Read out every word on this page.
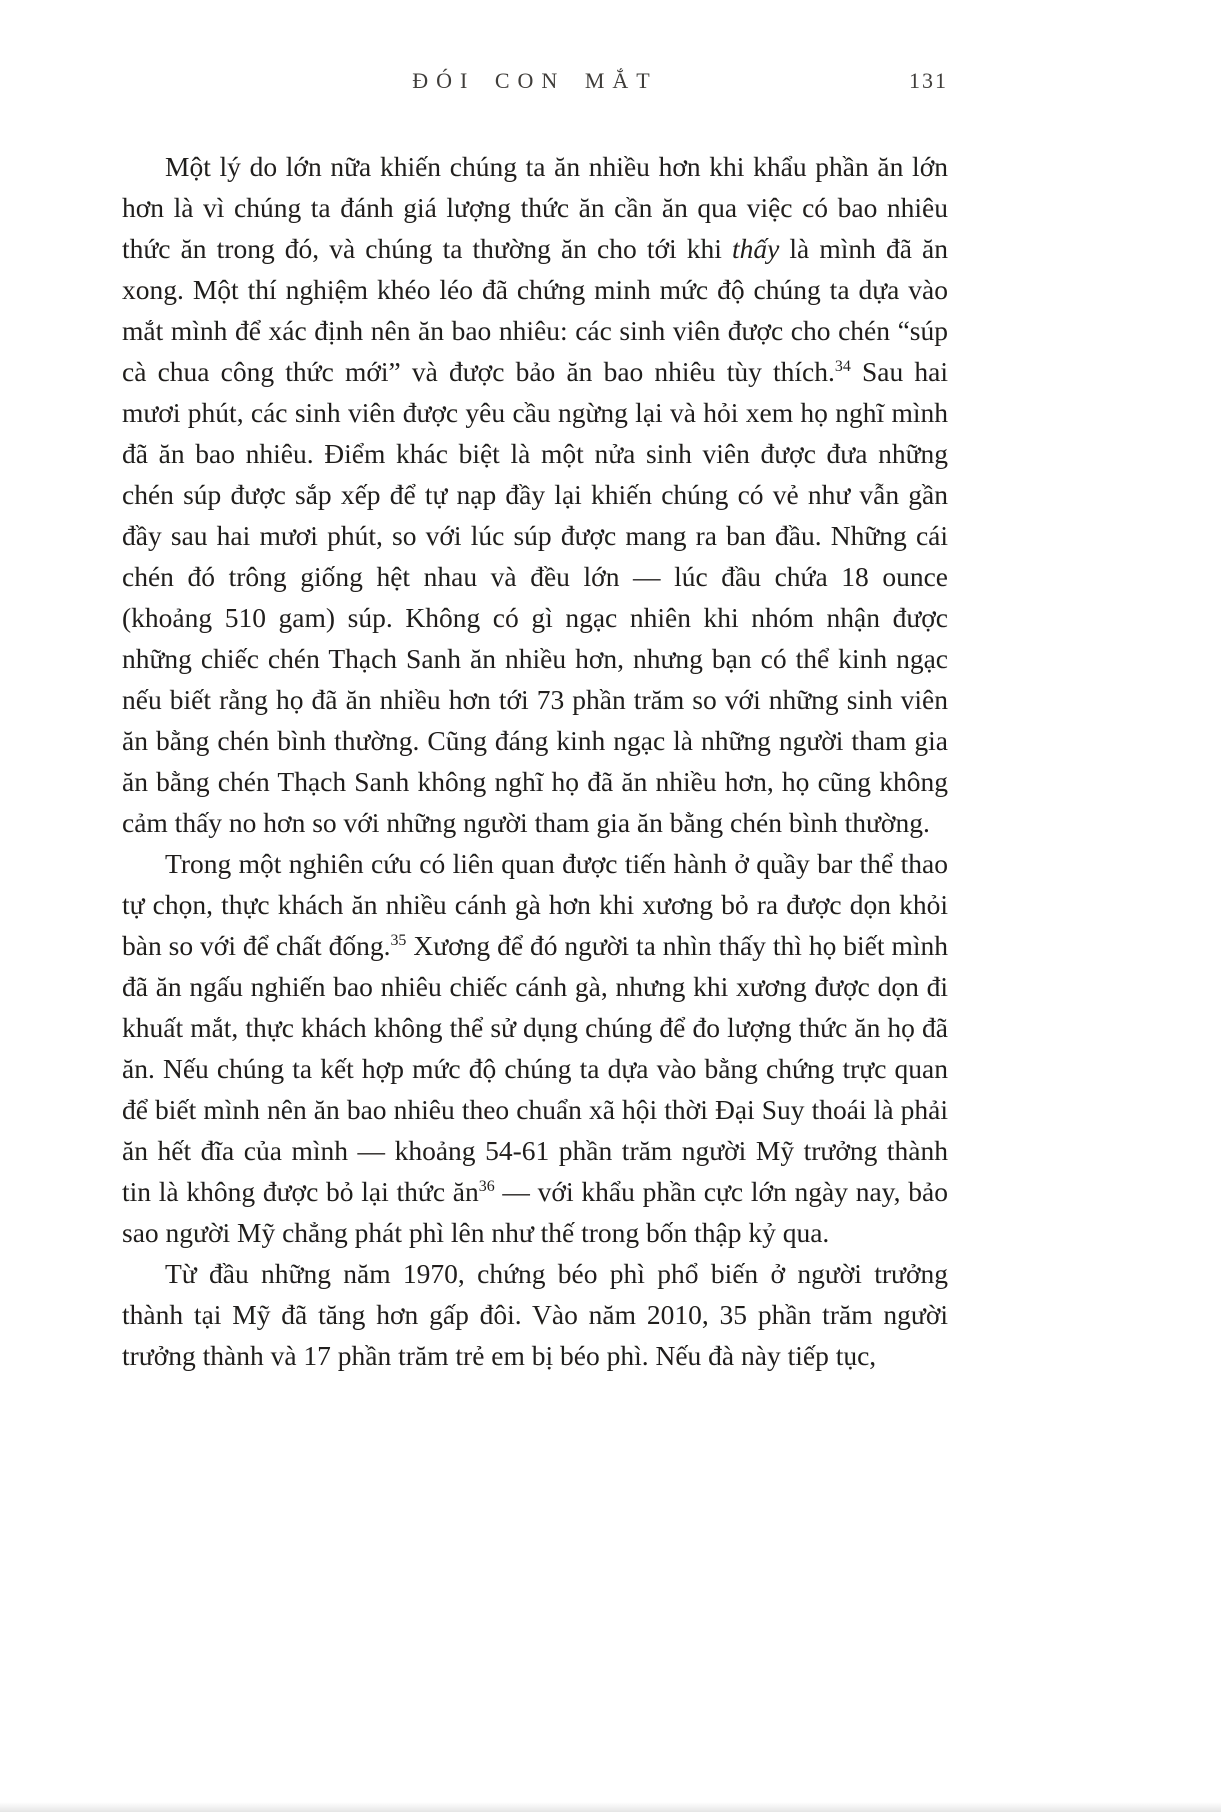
ĐÓI CON MẮT	131

Một lý do lớn nữa khiến chúng ta ăn nhiều hơn khi khẩu phần ăn lớn hơn là vì chúng ta đánh giá lượng thức ăn cần ăn qua việc có bao nhiêu thức ăn trong đó, và chúng ta thường ăn cho tới khi thấy là mình đã ăn xong. Một thí nghiệm khéo léo đã chứng minh mức độ chúng ta dựa vào mắt mình để xác định nên ăn bao nhiêu: các sinh viên được cho chén “súp cà chua công thức mới” và được bảo ăn bao nhiêu tùy thích.$^{34}$ Sau hai mươi phút, các sinh viên được yêu cầu ngừng lại và hỏi xem họ nghĩ mình đã ăn bao nhiêu. Điểm khác biệt là một nửa sinh viên được đưa những chén súp được sắp xếp để tự nạp đầy lại khiến chúng có vẻ như vẫn gần đầy sau hai mươi phút, so với lúc súp được mang ra ban đầu. Những cái chén đó trông giống hệt nhau và đều lớn — lúc đầu chứa 18 ounce (khoảng 510 gam) súp. Không có gì ngạc nhiên khi nhóm nhận được những chiếc chén Thạch Sanh ăn nhiều hơn, nhưng bạn có thể kinh ngạc nếu biết rằng họ đã ăn nhiều hơn tới 73 phần trăm so với những sinh viên ăn bằng chén bình thường. Cũng đáng kinh ngạc là những người tham gia ăn bằng chén Thạch Sanh không nghĩ họ đã ăn nhiều hơn, họ cũng không cảm thấy no hơn so với những người tham gia ăn bằng chén bình thường.

Trong một nghiên cứu có liên quan được tiến hành ở quầy bar thể thao tự chọn, thực khách ăn nhiều cánh gà hơn khi xương bỏ ra được dọn khỏi bàn so với để chất đống.$^{35}$ Xương để đó người ta nhìn thấy thì họ biết mình đã ăn ngấu nghiến bao nhiêu chiếc cánh gà, nhưng khi xương được dọn đi khuất mắt, thực khách không thể sử dụng chúng để đo lượng thức ăn họ đã ăn. Nếu chúng ta kết hợp mức độ chúng ta dựa vào bằng chứng trực quan để biết mình nên ăn bao nhiêu theo chuẩn xã hội thời Đại Suy thoái là phải ăn hết đĩa của mình — khoảng 54-61 phần trăm người Mỹ trưởng thành tin là không được bỏ lại thức $ăn^{36}$ — với khẩu phần cực lớn ngày nay, bảo sao người Mỹ chẳng phát phì lên như thế trong bốn thập kỷ qua.

Từ đầu những năm 1970, chứng béo phì phổ biến ở người trưởng thành tại Mỹ đã tăng hơn gấp đôi. Vào năm 2010, 35 phần trăm người trưởng thành và 17 phần trăm trẻ em bị béo phì. Nếu đà này tiếp tục,
